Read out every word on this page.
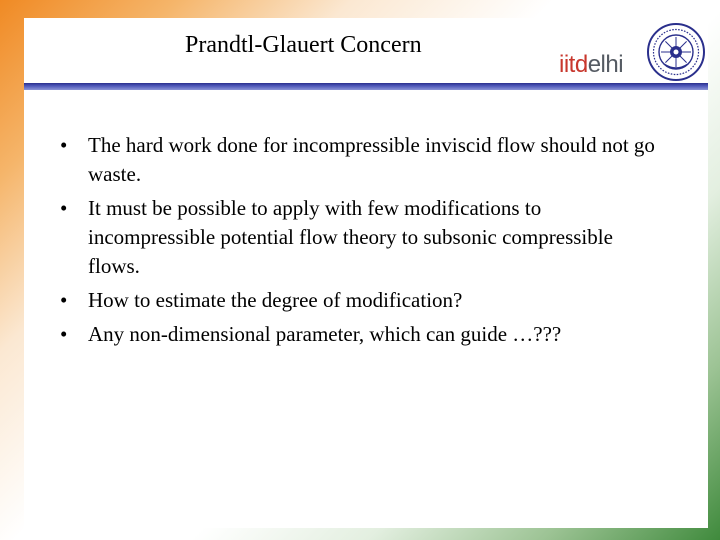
Prandtl-Glauert Concern
iitdelhi
• The hard work done for incompressible inviscid flow should not go waste.
• It must be possible to apply with few modifications to incompressible potential flow theory to subsonic compressible flows.
• How to estimate the degree of modification?
• Any non-dimensional parameter, which can guide …???
